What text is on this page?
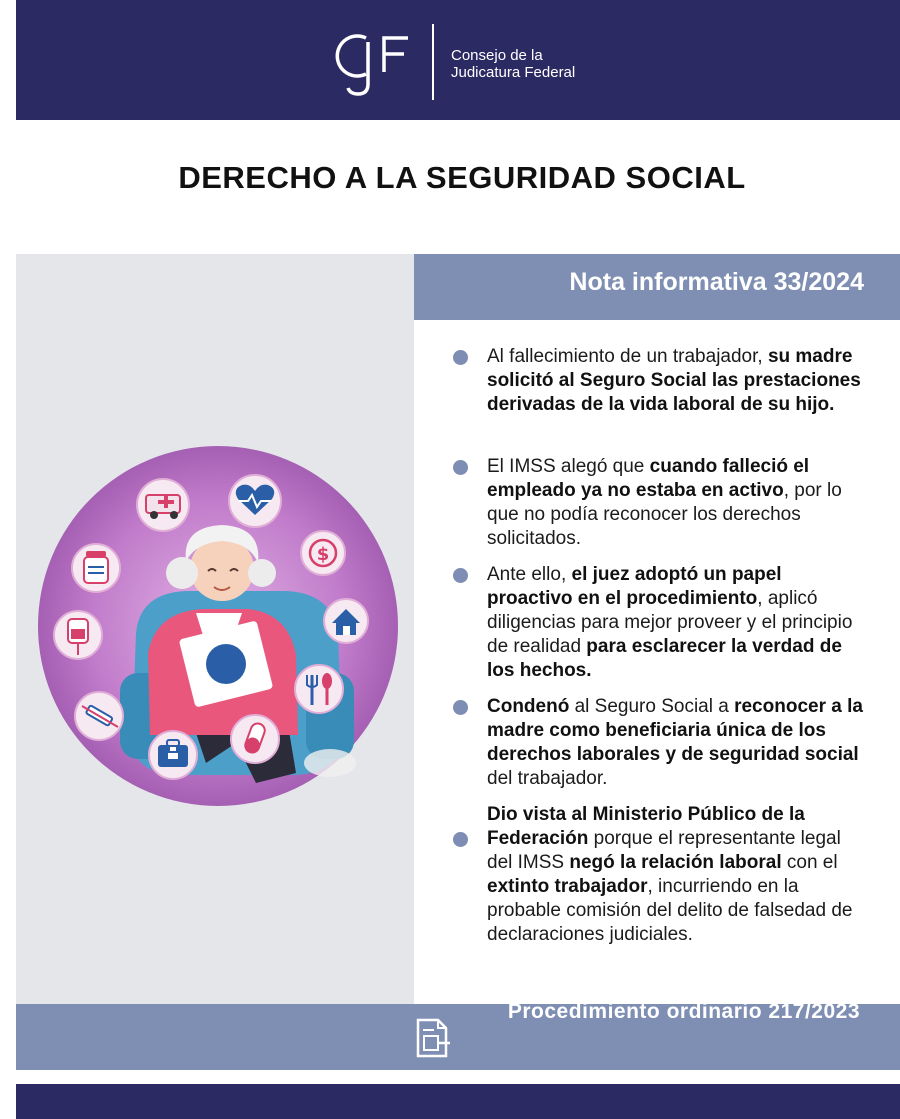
Consejo de la
Judicatura Federal
DERECHO A LA SEGURIDAD SOCIAL
Nota informativa 33/2024
$
Al fallecimiento de un trabajador, su madre solicitó al Seguro Social las prestaciones derivadas de la vida laboral de su hijo.
El IMSS alegó que cuando falleció el empleado ya no estaba en activo, por lo que no podía reconocer los derechos solicitados.
Ante ello, el juez adoptó un papel proactivo en el procedimiento, aplicó diligencias para mejor proveer y el principio de realidad para esclarecer la verdad de los hechos.
Condenó al Seguro Social a reconocer a la madre como beneficiaria única de los derechos laborales y de seguridad social del trabajador.
Dio vista al Ministerio Público de la Federación porque el representante legal del IMSS negó la relación laboral con el extinto trabajador, incurriendo en la probable comisión del delito de falsedad de declaraciones judiciales.
Procedimiento ordinario 217/2023
